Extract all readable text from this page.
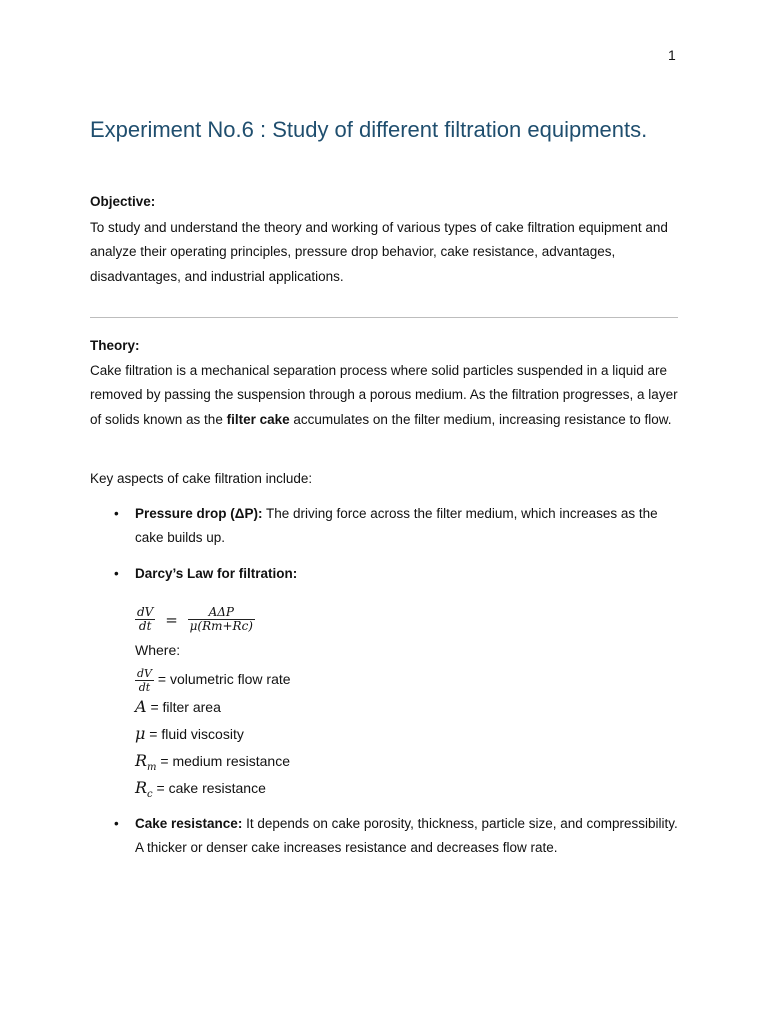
1
Experiment No.6 : Study of different filtration equipments.
Objective:

To study and understand the theory and working of various types of cake filtration equipment and analyze their operating principles, pressure drop behavior, cake resistance, advantages, disadvantages, and industrial applications.

Theory:

Cake filtration is a mechanical separation process where solid particles suspended in a liquid are removed by passing the suspension through a porous medium. As the filtration progresses, a layer of solids known as the filter cake accumulates on the filter medium, increasing resistance to flow.

Key aspects of cake filtration include:

• Pressure drop (ΔP): The driving force across the filter medium, which increases as the cake builds up.

• Darcy’s Law for filtration:

$\frac{dV}{dt} = \frac{\text{AΔP}}{\mu(Rm+Rc)}$
Where:
$\frac{dV}{dt}$ = volumetric flow rate
A = filter area
μ = fluid viscosity
$R_m$ = medium resistance
$R_c$ = cake resistance
• Cake resistance: It depends on cake porosity, thickness, particle size, and compressibility. A thicker or denser cake increases resistance and decreases flow rate.
